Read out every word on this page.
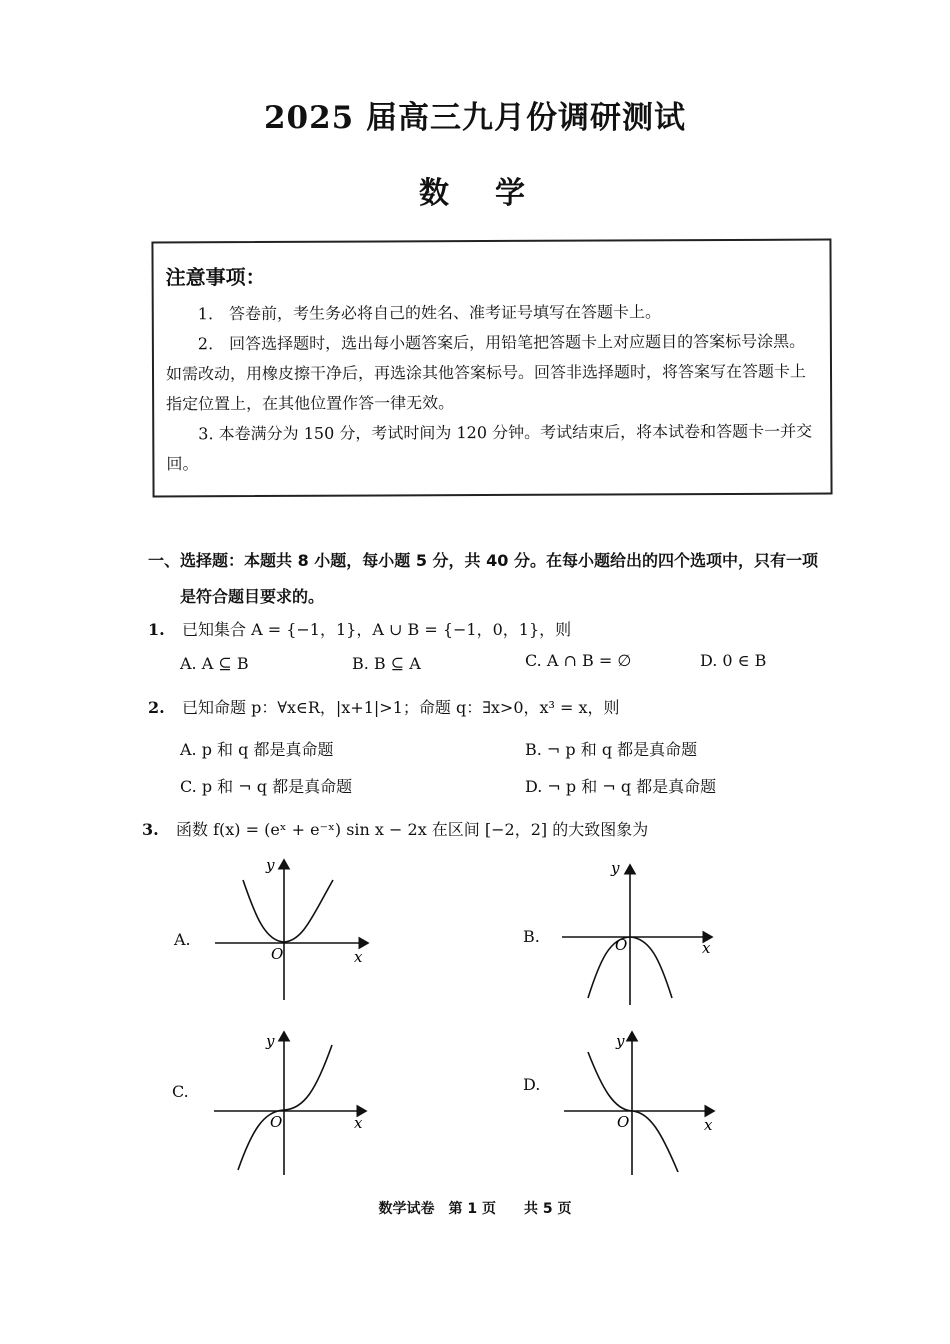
2025 届高三九月份调研测试
数学
注意事项：

1.　答卷前，考生务必将自己的姓名、准考证号填写在答题卡上。

2.　回答选择题时，选出每小题答案后，用铅笔把答题卡上对应题目的答案标号涂黑。如需改动，用橡皮擦干净后，再选涂其他答案标号。回答非选择题时，将答案写在答题卡上指定位置上，在其他位置作答一律无效。

3. 本卷满分为 150 分，考试时间为 120 分钟。考试结束后，将本试卷和答题卡一并交回。

一、选择题：本题共 8 小题，每小题 5 分，共 40 分。在每小题给出的四个选项中，只有一项
是符合题目要求的。
1. 已知集合 A = {−1，1}，A ∪ B = {−1，0，1}，则
A. A ⊆ B	B. B ⊆ A	C. A ∩ B = ∅	D. 0 ∈ B
2. 已知命题 p：∀x∈R，|x+1|>1；命题 q：∃x>0，x³ = x，则
A. p 和 q 都是真命题	B. ¬ p 和 q 都是真命题
C. p 和 ¬ q 都是真命题	D. ¬ p 和 ¬ q 都是真命题
3. 函数 f(x) = (eˣ + e⁻ˣ) sin x − 2x 在区间 [−2，2] 的大致图象为
A.	B.
C.	D.
y
x
O
y
x
O
y
x
O
y
x
O
数学试卷　第 1 页　　共 5 页
